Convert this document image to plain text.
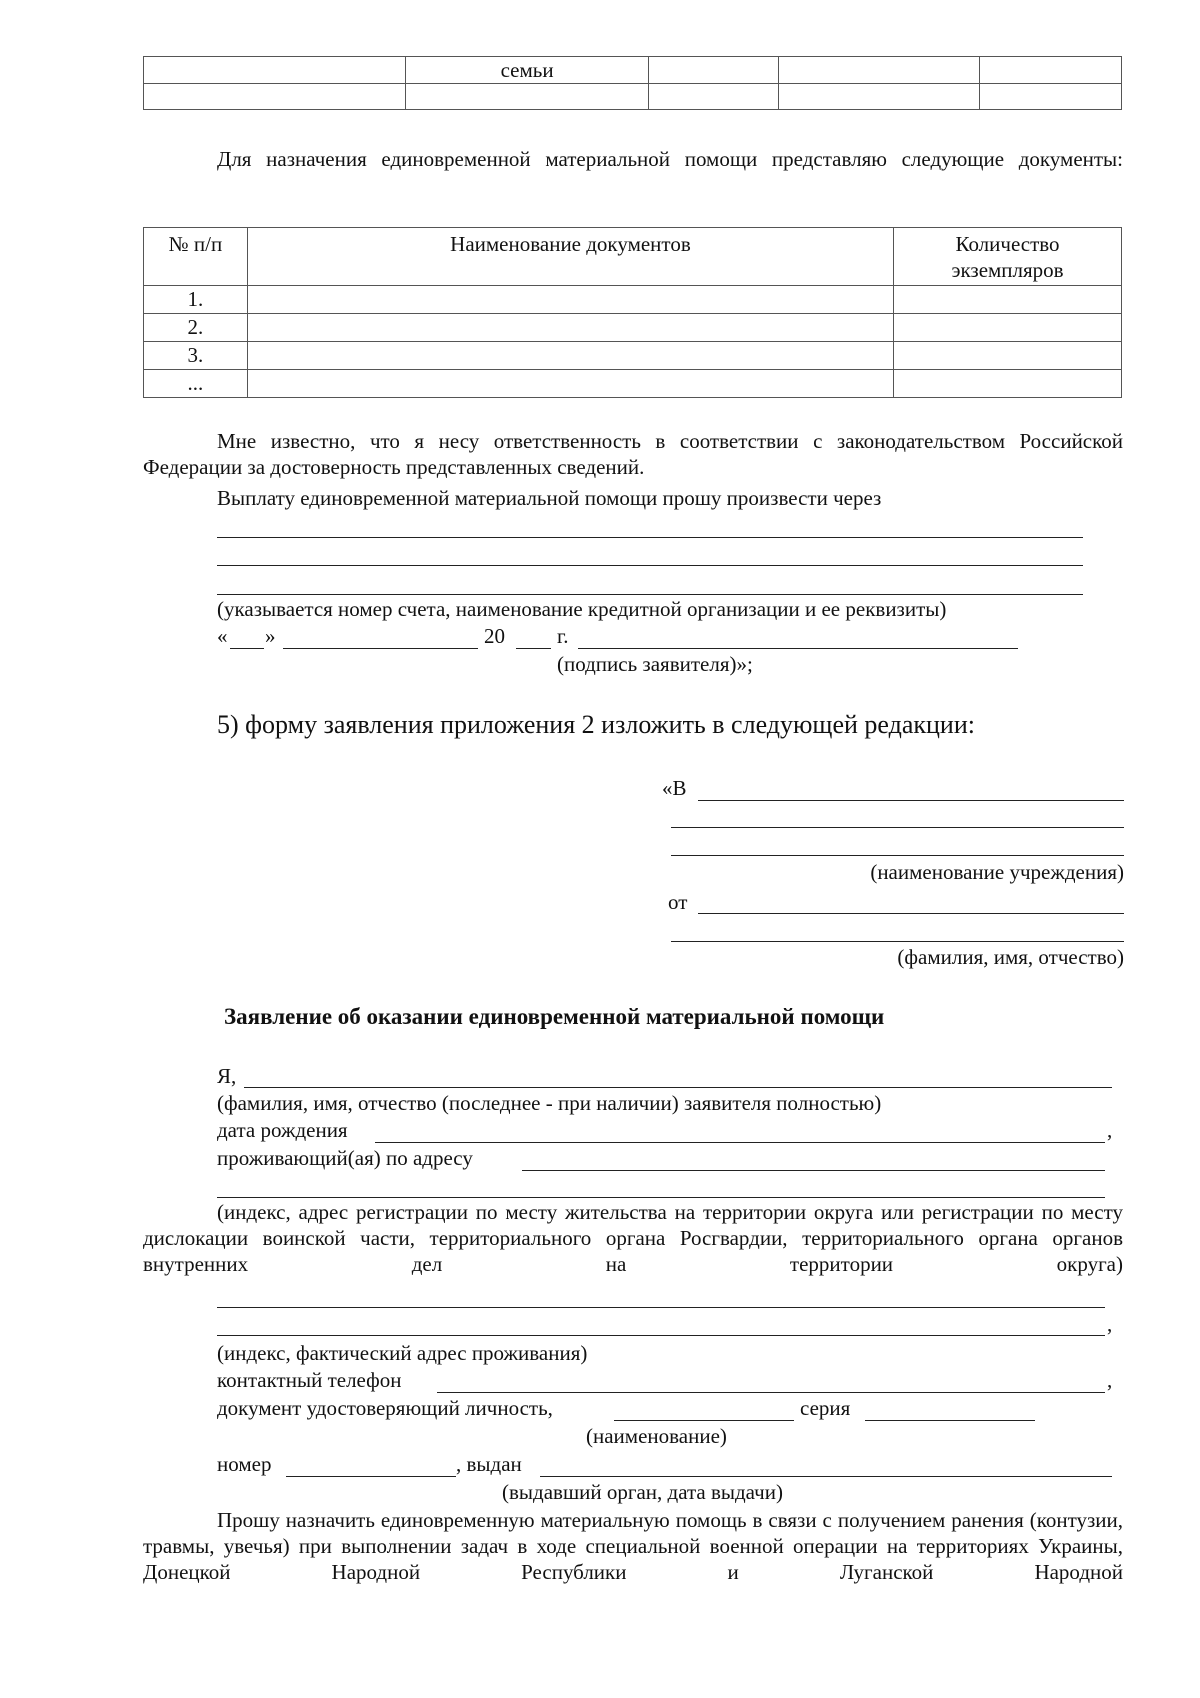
	семьи			

Для назначения единовременной материальной помощи представляю следующие документы:
№ п/п	Наименование документов	Количество экземпляров
1.		
2.		
3.		
...		
Мне известно, что я несу ответственность в соответствии с законодательством Российской Федерации за достоверность представленных сведений.
Выплату единовременной материальной помощи прошу произвести через
(указывается номер счета, наименование кредитной организации и ее реквизиты)
« »	20 г.
(подпись заявителя)»;
5) форму заявления приложения 2 изложить в следующей редакции:
«В
(наименование учреждения)
от
(фамилия, имя, отчество)
Заявление об оказании единовременной материальной помощи
Я,
(фамилия, имя, отчество (последнее - при наличии) заявителя полностью)
дата рождения	,
проживающий(ая) по адресу
(индекс, адрес регистрации по месту жительства на территории округа или регистрации по месту дислокации воинской части, территориального органа Росгвардии, территориального органа органов внутренних дел на территории округа)
,
(индекс, фактический адрес проживания)
контактный телефон	,
документ удостоверяющий личность,	серия
(наименование)
номер	, выдан
(выдавший орган, дата выдачи)
Прошу назначить единовременную материальную помощь в связи с получением ранения (контузии, травмы, увечья) при выполнении задач в ходе специальной военной операции на территориях Украины, Донецкой Народной Республики и Луганской Народной
